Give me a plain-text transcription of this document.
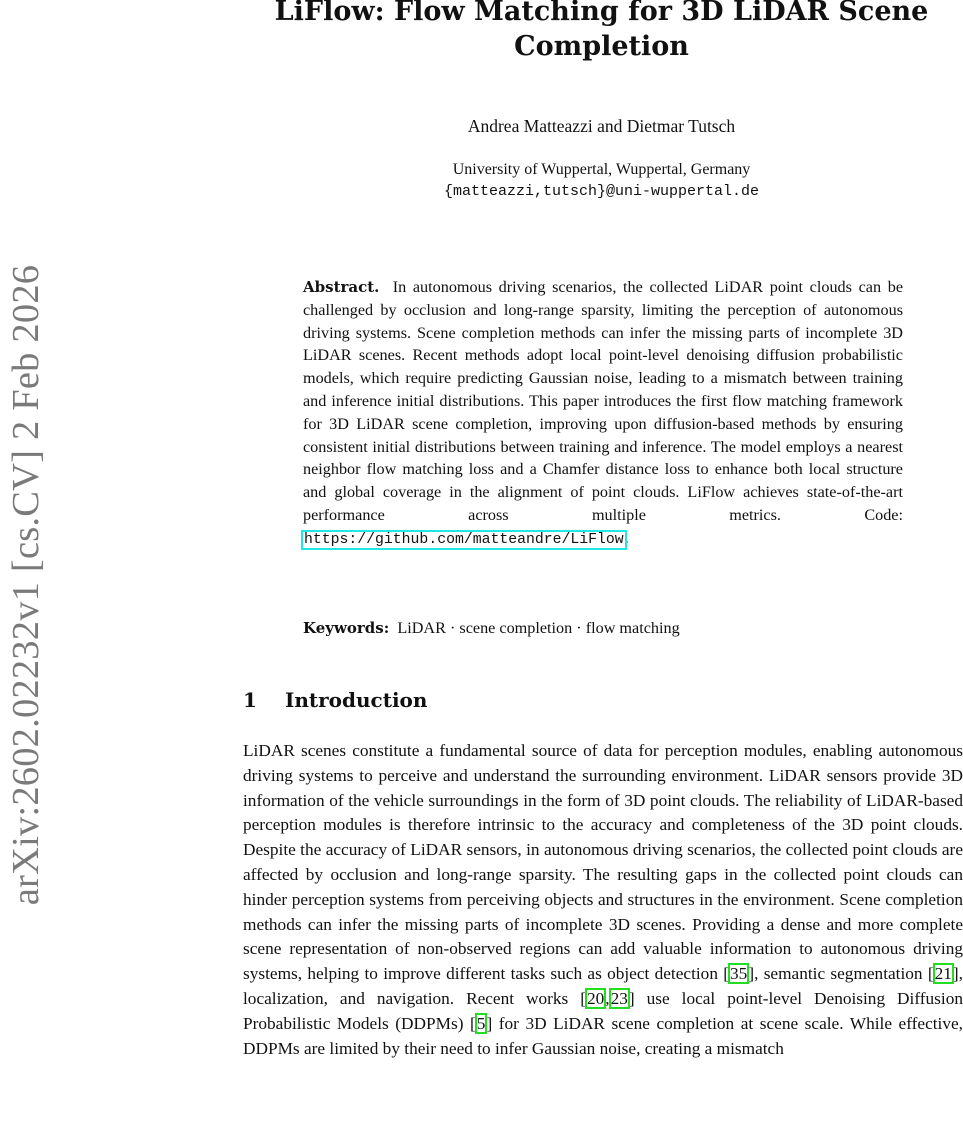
arXiv:2602.02232v1 [cs.CV] 2 Feb 2026
LiFlow: Flow Matching for 3D LiDAR Scene Completion
Andrea Matteazzi and Dietmar Tutsch
University of Wuppertal, Wuppertal, Germany
{matteazzi,tutsch}@uni-wuppertal.de
Abstract. In autonomous driving scenarios, the collected LiDAR point clouds can be challenged by occlusion and long-range sparsity, limiting the perception of autonomous driving systems. Scene completion methods can infer the missing parts of incomplete 3D LiDAR scenes. Recent methods adopt local point-level denoising diffusion probabilistic models, which require predicting Gaussian noise, leading to a mismatch between training and inference initial distributions. This paper introduces the first flow matching framework for 3D LiDAR scene completion, improving upon diffusion-based methods by ensuring consistent initial distributions between training and inference. The model employs a nearest neighbor flow matching loss and a Chamfer distance loss to enhance both local structure and global coverage in the alignment of point clouds. LiFlow achieves state-of-the-art performance across multiple metrics. Code: https://github.com/matteandre/LiFlow.
Keywords: LiDAR · scene completion · flow matching
1 Introduction
LiDAR scenes constitute a fundamental source of data for perception modules, enabling autonomous driving systems to perceive and understand the surrounding environment. LiDAR sensors provide 3D information of the vehicle surroundings in the form of 3D point clouds. The reliability of LiDAR-based perception modules is therefore intrinsic to the accuracy and completeness of the 3D point clouds. Despite the accuracy of LiDAR sensors, in autonomous driving scenarios, the collected point clouds are affected by occlusion and long-range sparsity. The resulting gaps in the collected point clouds can hinder perception systems from perceiving objects and structures in the environment. Scene completion methods can infer the missing parts of incomplete 3D scenes. Providing a dense and more complete scene representation of non-observed regions can add valuable information to autonomous driving systems, helping to improve different tasks such as object detection [35], semantic segmentation [21], localization, and navigation. Recent works [20,23] use local point-level Denoising Diffusion Probabilistic Models (DDPMs) [5] for 3D LiDAR scene completion at scene scale. While effective, DDPMs are limited by their need to infer Gaussian noise, creating a mismatch
